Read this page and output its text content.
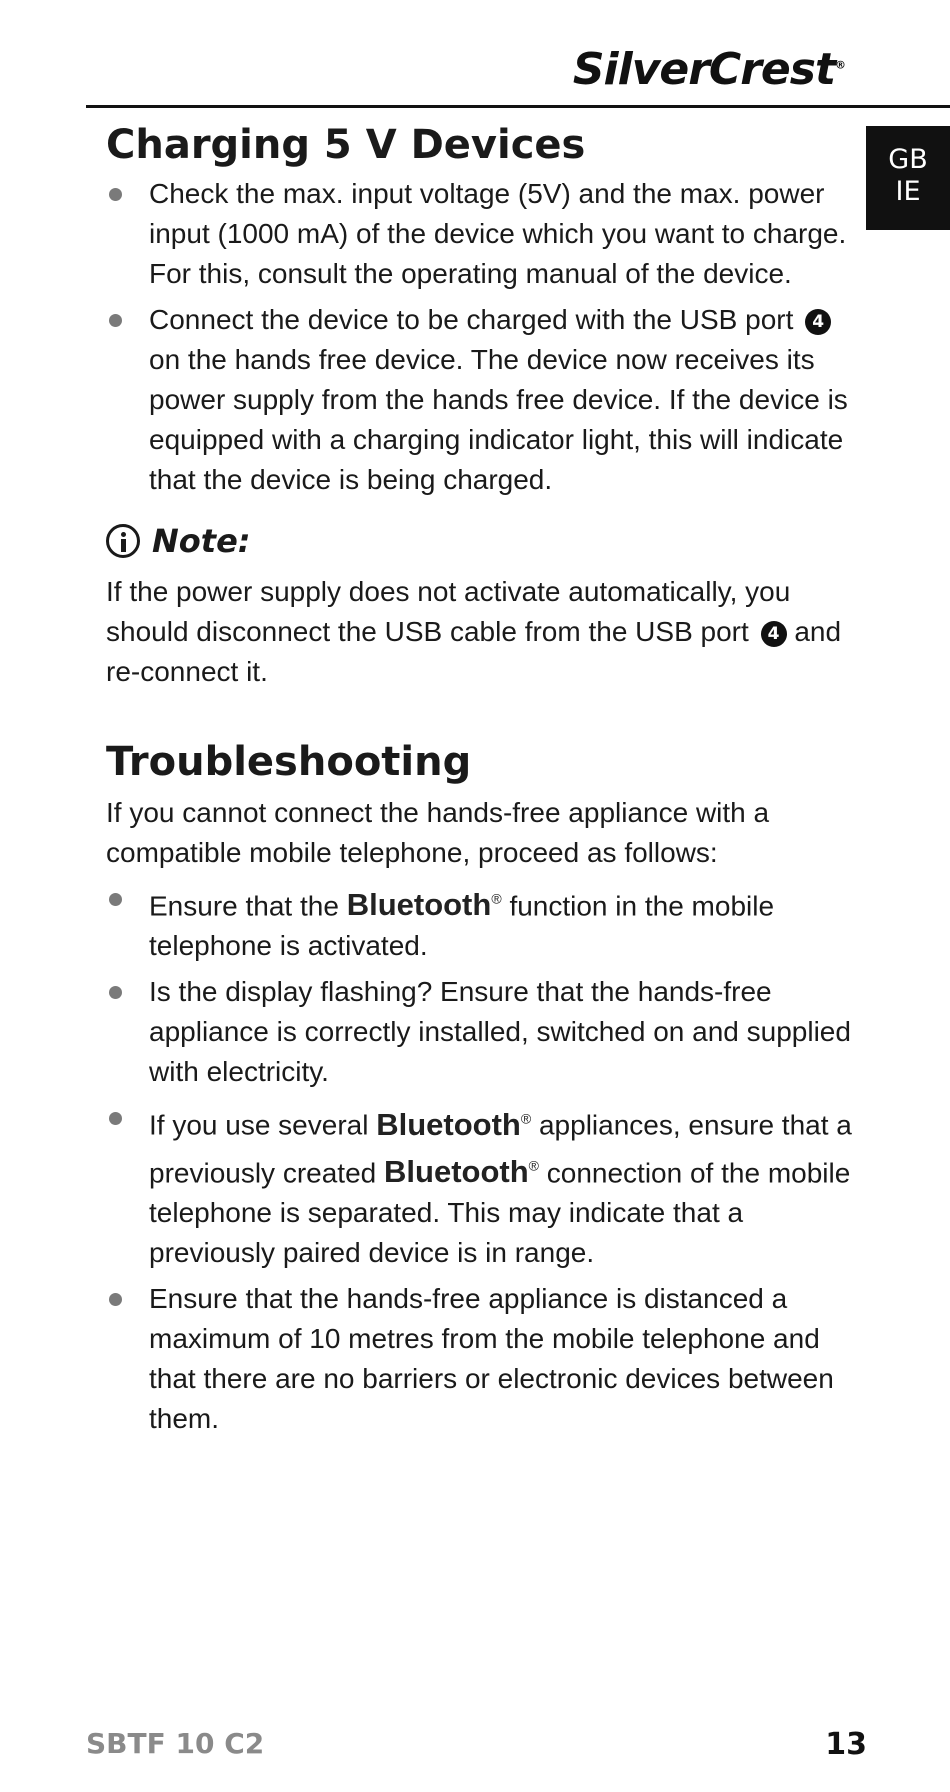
SilverCrest®
GB
IE
Charging 5 V Devices
Check the max. input voltage (5V) and the max. power input (1000 mA) of the device which you want to charge. For this, consult the operating manual of the device.
Connect the device to be charged with the USB port 4 on the hands free device. The device now receives its power supply from the hands free device. If the device is equipped with a charging indicator light, this will indicate that the device is being charged.
Note:

If the power supply does not activate automatically, you should disconnect the USB cable from the USB port 4 and re-connect it.

Troubleshooting

If you cannot connect the hands-free appliance with a compatible mobile telephone, proceed as follows:

Ensure that the Bluetooth® function in the mobile telephone is activated.
Is the display flashing? Ensure that the hands-free appliance is correctly installed, switched on and supplied with electricity.
If you use several Bluetooth® appliances, ensure that a previously created Bluetooth® connection of the mobile telephone is separated. This may indicate that a previously paired device is in range.
Ensure that the hands-free appliance is distanced a maximum of 10 metres from the mobile telephone and that there are no barriers or electronic devices between them.
SBTF 10 C2	13
